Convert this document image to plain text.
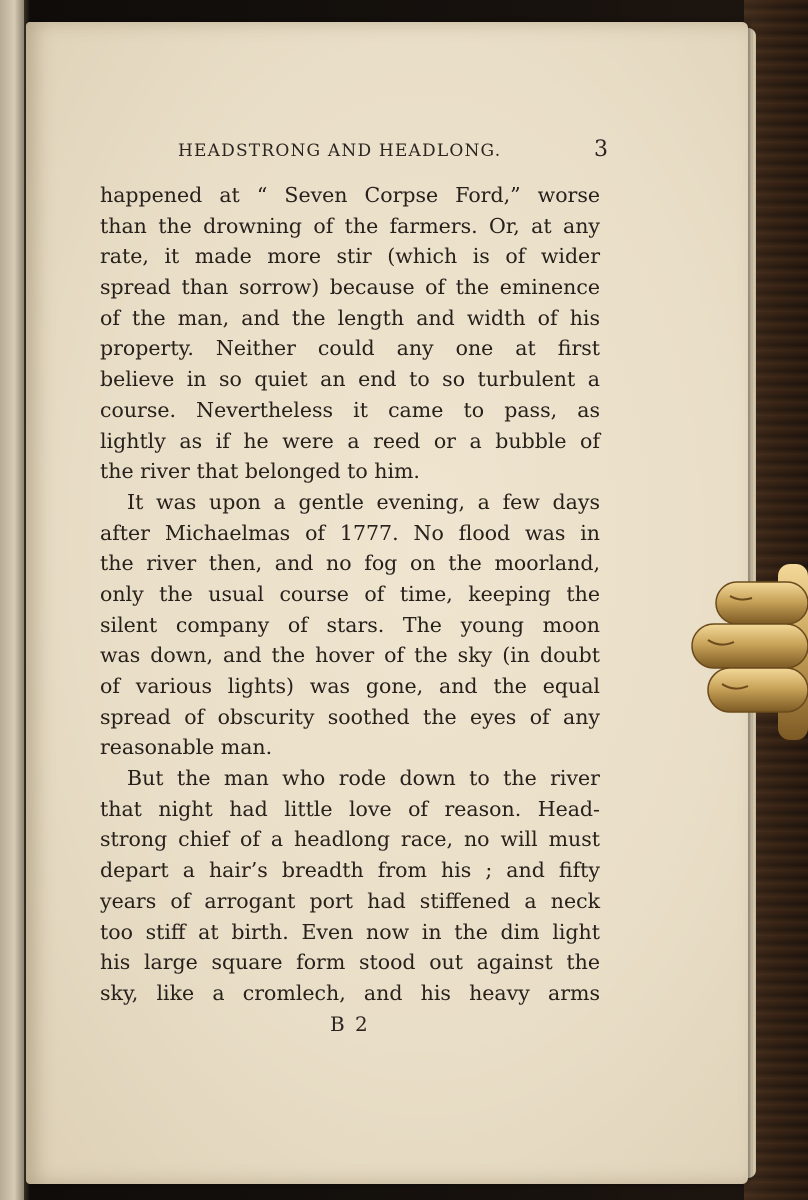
HEADSTRONG AND HEADLONG.	3
happened at “ Seven Corpse Ford,” worse
than the drowning of the farmers. Or, at any
rate, it made more stir (which is of wider
spread than sorrow) because of the eminence
of the man, and the length and width of his
property. Neither could any one at first
believe in so quiet an end to so turbulent a
course. Nevertheless it came to pass, as
lightly as if he were a reed or a bubble of
the river that belonged to him.
It was upon a gentle evening, a few days
after Michaelmas of 1777. No flood was in
the river then, and no fog on the moorland,
only the usual course of time, keeping the
silent company of stars. The young moon
was down, and the hover of the sky (in doubt
of various lights) was gone, and the equal
spread of obscurity soothed the eyes of any
reasonable man.
But the man who rode down to the river
that night had little love of reason. Head-
strong chief of a headlong race, no will must
depart a hair’s breadth from his ; and fifty
years of arrogant port had stiffened a neck
too stiff at birth. Even now in the dim light
his large square form stood out against the
sky, like a cromlech, and his heavy arms
B 2
